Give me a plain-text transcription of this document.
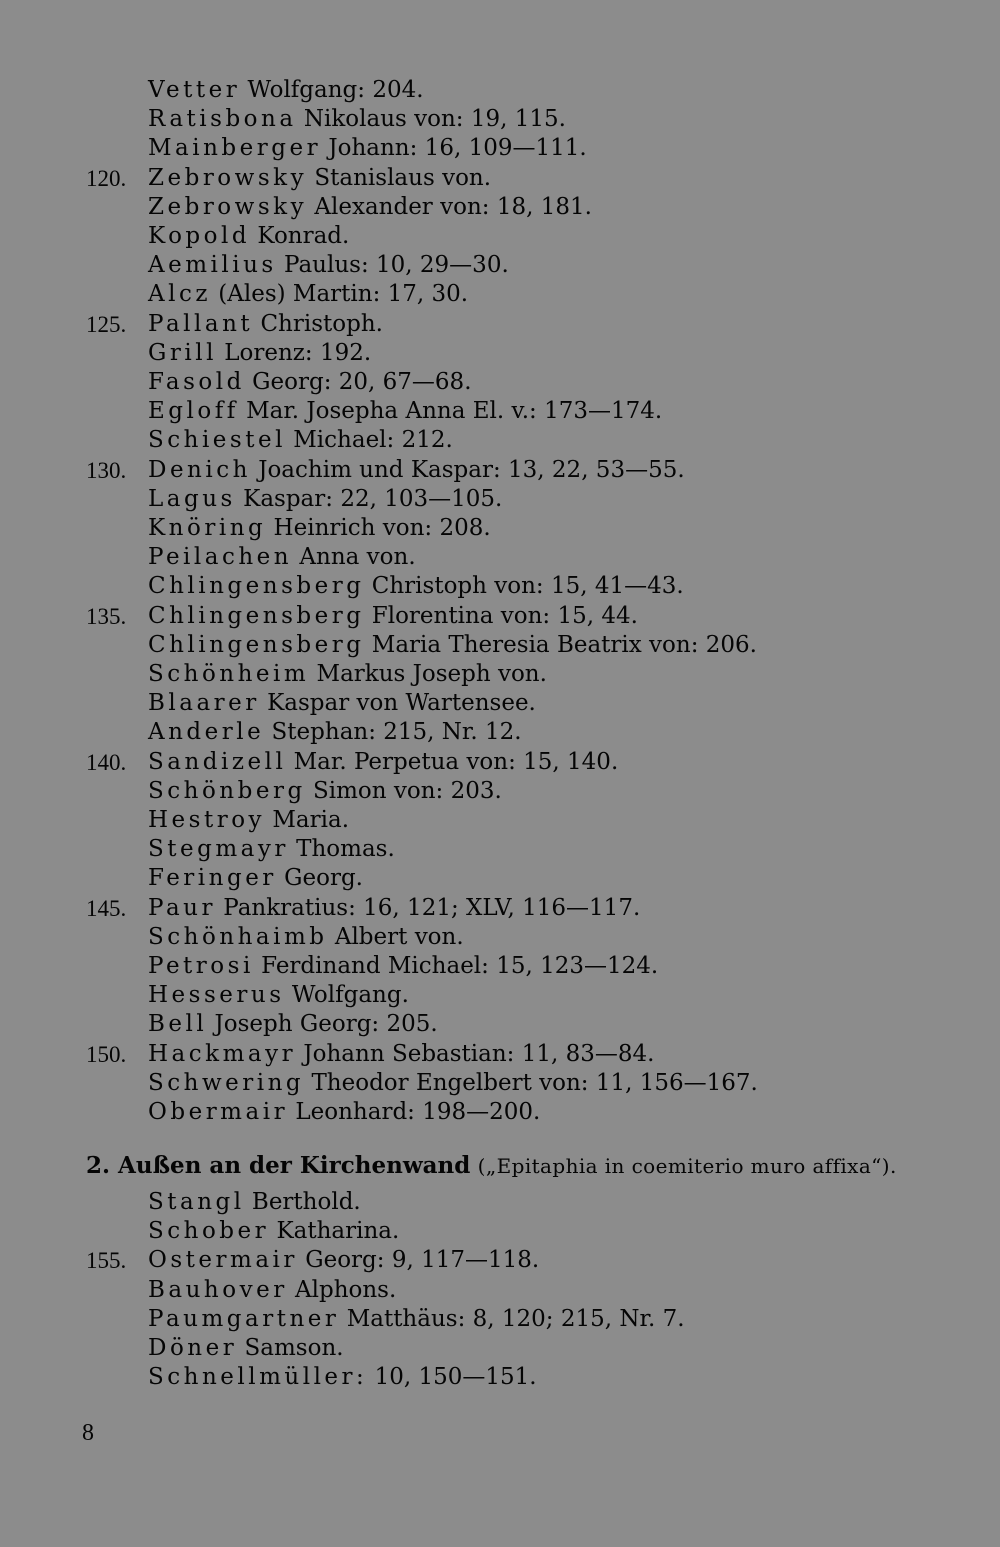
Vetter Wolfgang: 204.
Ratisbona Nikolaus von: 19, 115.
Mainberger Johann: 16, 109—111.
120. Zebrowsky Stanislaus von.
Zebrowsky Alexander von: 18, 181.
Kopold Konrad.
Aemilius Paulus: 10, 29—30.
Alcz (Ales) Martin: 17, 30.
125. Pallant Christoph.
Grill Lorenz: 192.
Fasold Georg: 20, 67—68.
Egloff Mar. Josepha Anna El. v.: 173—174.
Schiestel Michael: 212.
130. Denich Joachim und Kaspar: 13, 22, 53—55.
Lagus Kaspar: 22, 103—105.
Knöring Heinrich von: 208.
Peilachen Anna von.
Chlingensberg Christoph von: 15, 41—43.
135. Chlingensberg Florentina von: 15, 44.
Chlingensberg Maria Theresia Beatrix von: 206.
Schönheim Markus Joseph von.
Blaarer Kaspar von Wartensee.
Anderle Stephan: 215, Nr. 12.
140. Sandizell Mar. Perpetua von: 15, 140.
Schönberg Simon von: 203.
Hestroy Maria.
Stegmayr Thomas.
Feringer Georg.
145. Paur Pankratius: 16, 121; XLV, 116—117.
Schönhaimb Albert von.
Petrosi Ferdinand Michael: 15, 123—124.
Hesserus Wolfgang.
Bell Joseph Georg: 205.
150. Hackmayr Johann Sebastian: 11, 83—84.
Schwering Theodor Engelbert von: 11, 156—167.
Obermair Leonhard: 198—200.
Stangl Berthold.
Schober Katharina.
155. Ostermair Georg: 9, 117—118.
Bauhover Alphons.
Paumgartner Matthäus: 8, 120; 215, Nr. 7.
Döner Samson.
Schnellmüller: 10, 150—151.
2. Außen an der Kirchenwand („Epitaphia in coemiterio muro affixa“).
8
